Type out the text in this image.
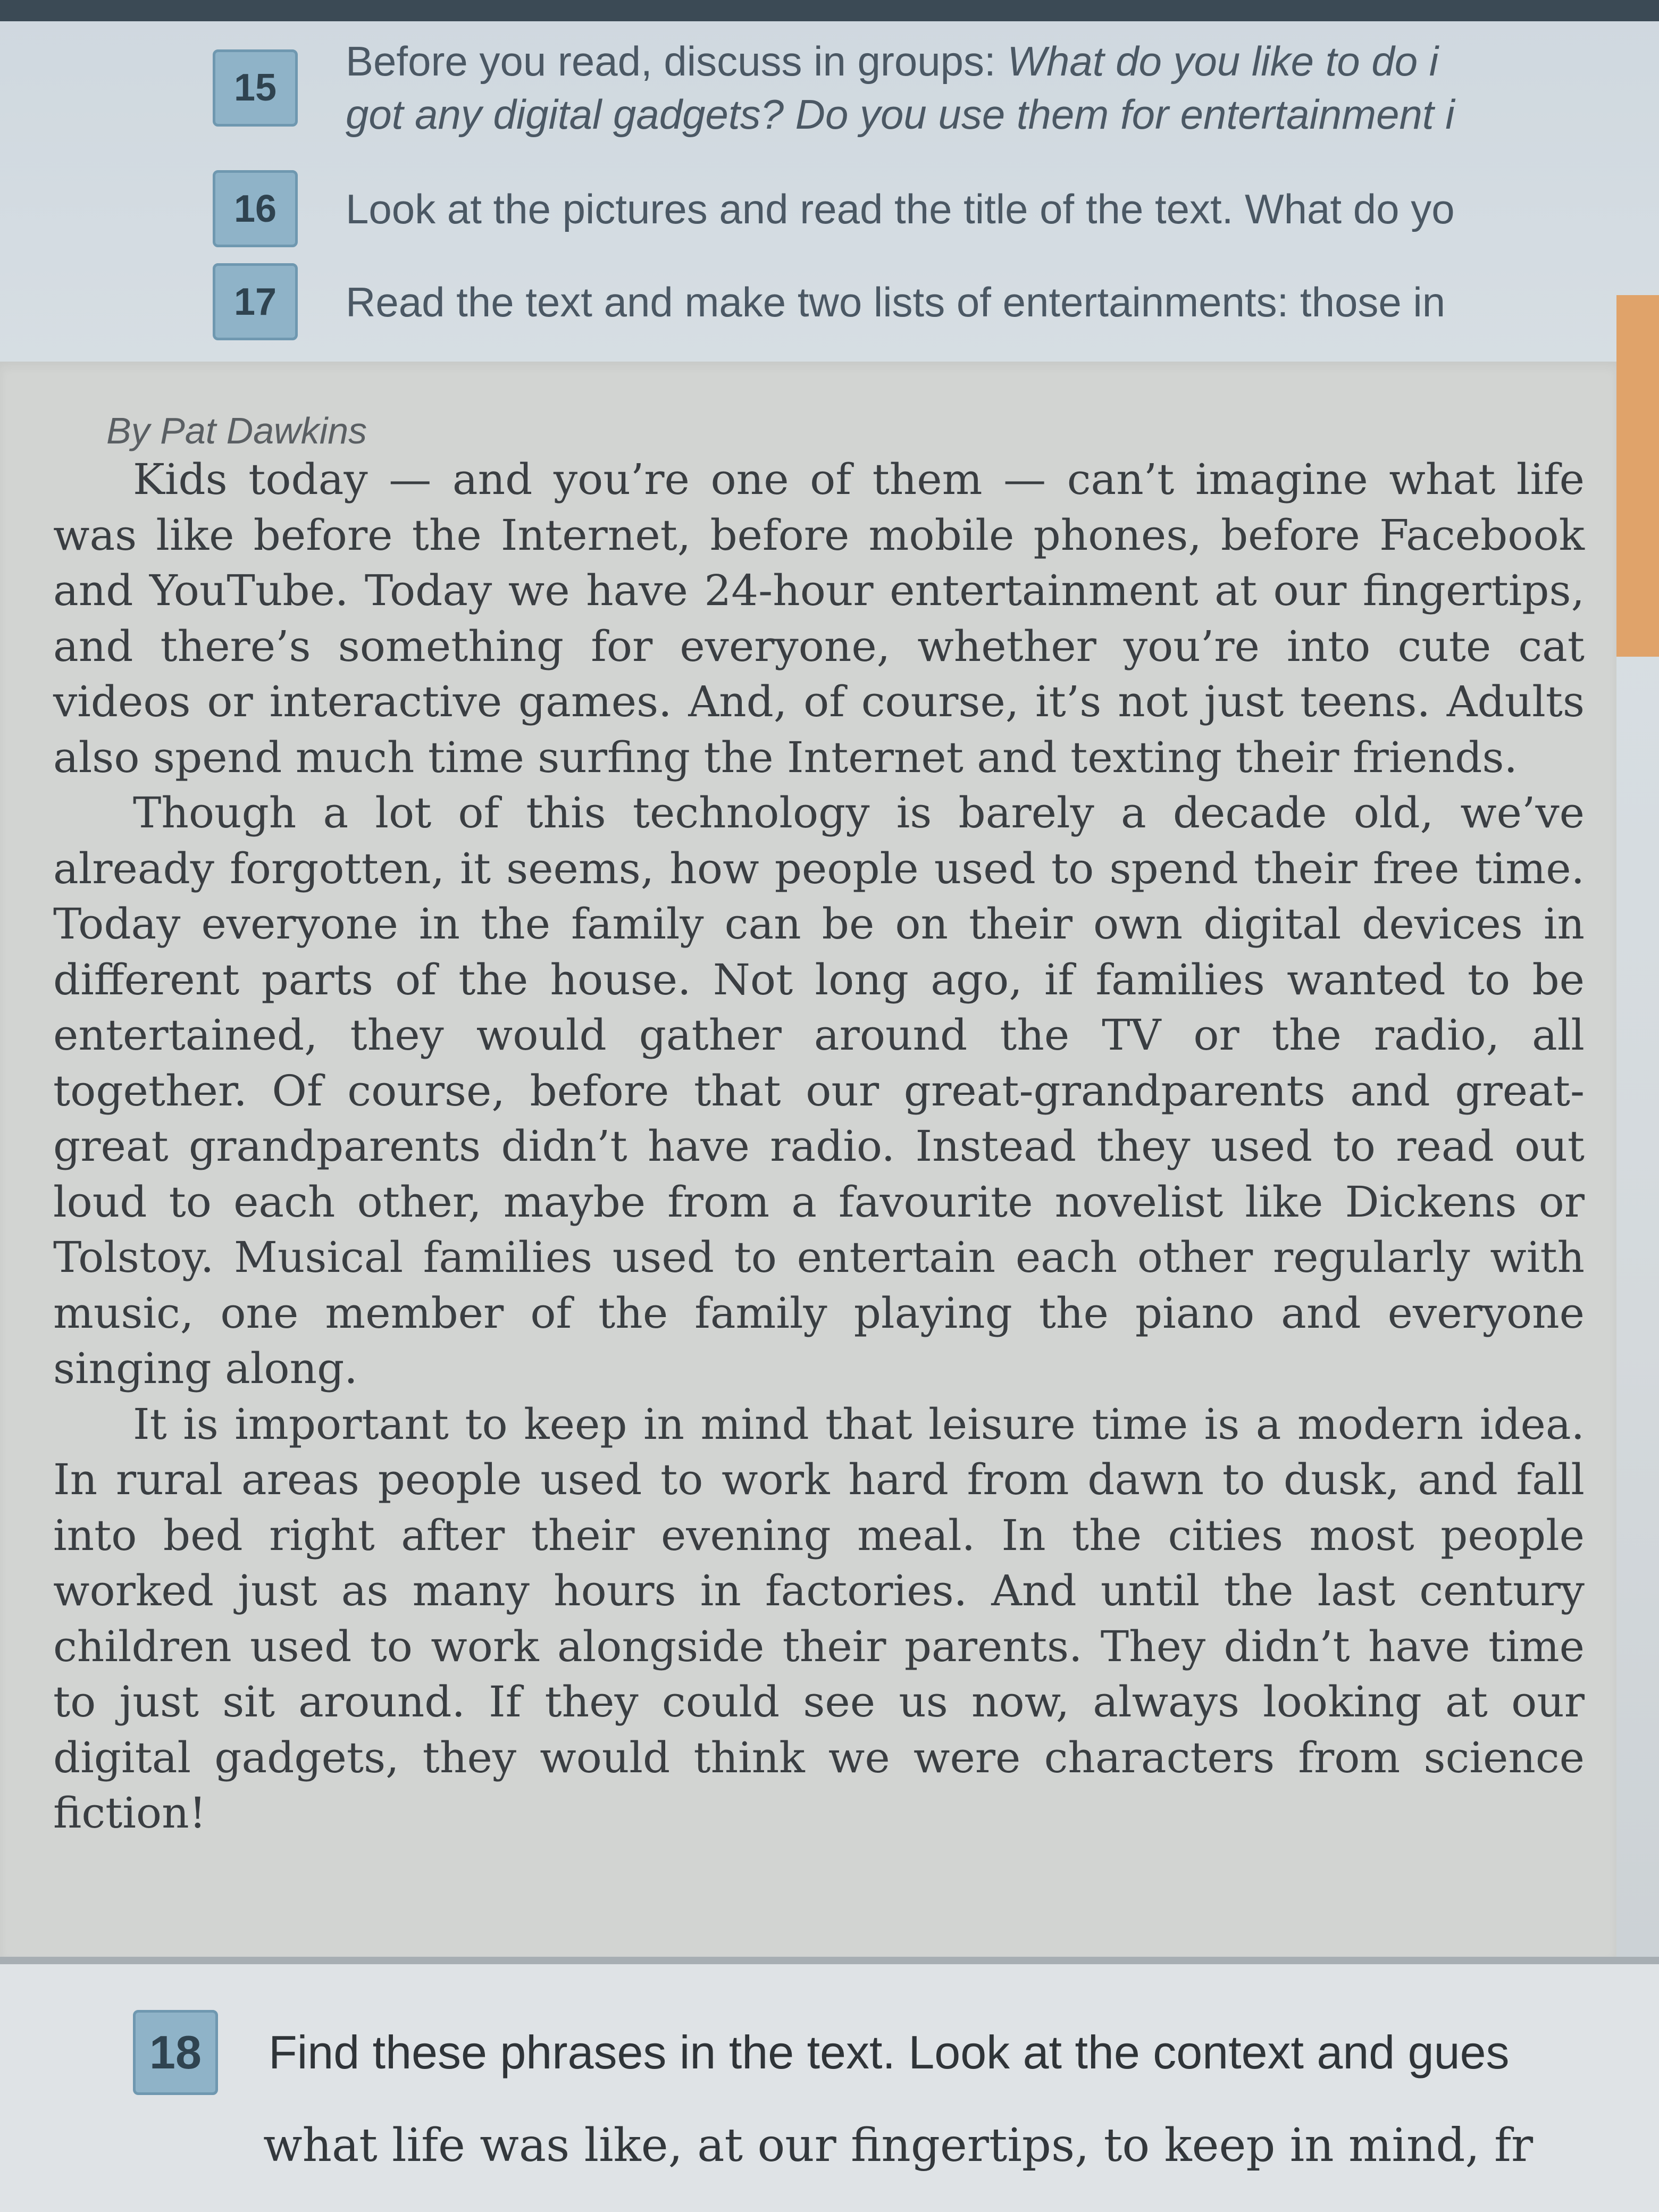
15
Before you read, discuss in groups: What do you like to do i
got any digital gadgets? Do you use them for entertainment i
16	Look at the pictures and read the title of the text. What do yo
17	Read the text and make two lists of entertainments: those in
By Pat Dawkins

Kids today — and you’re one of them — can’t imagine what life was like before the Internet, before mobile phones, before Facebook and YouTube. Today we have 24-hour entertainment at our fingertips, and there’s something for everyone, whether you’re into cute cat videos or interactive games. And, of course, it’s not just teens. Adults also spend much time surfing the Internet and texting their friends.

Though a lot of this technology is barely a decade old, we’ve already forgotten, it seems, how people used to spend their free time. Today everyone in the family can be on their own digital devices in different parts of the house. Not long ago, if families wanted to be entertained, they would gather around the TV or the radio, all together. Of course, before that our great-grandparents and great-great grandparents didn’t have radio. Instead they used to read out loud to each other, maybe from a favourite novelist like Dickens or Tolstoy. Musical families used to entertain each other regularly with music, one member of the family playing the piano and everyone singing along.

It is important to keep in mind that leisure time is a modern idea. In rural areas people used to work hard from dawn to dusk, and fall into bed right after their evening meal. In the cities most people worked just as many hours in factories. And until the last century children used to work alongside their parents. They didn’t have time to just sit around. If they could see us now, always looking at our digital gadgets, they would think we were characters from science fiction!

18	Find these phrases in the text. Look at the context and gues
what life was like, at our fingertips, to keep in mind, fr
